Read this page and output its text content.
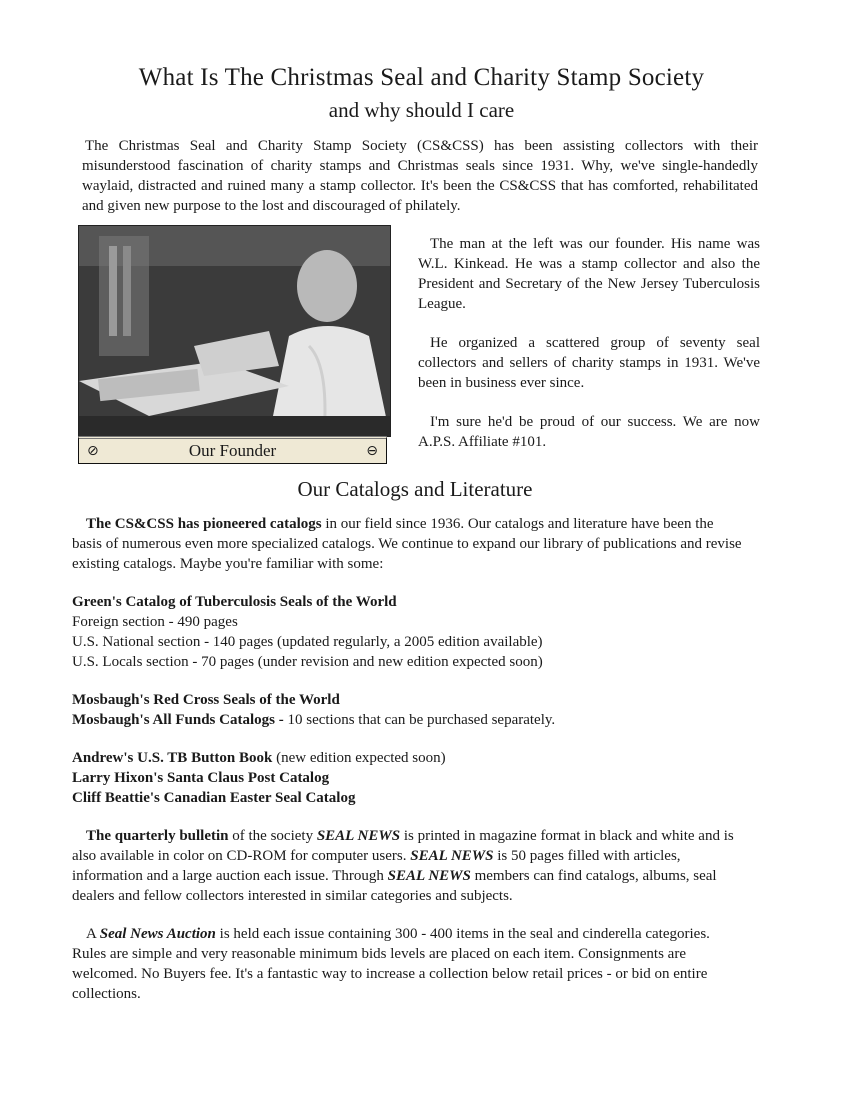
What Is The Christmas Seal and Charity Stamp Society
and why should I care

The Christmas Seal and Charity Stamp Society (CS&CSS) has been assisting collectors with their misunderstood fascination of charity stamps and Christmas seals since 1931. Why, we've single-handedly waylaid, distracted and ruined many a stamp collector. It's been the CS&CSS that has comforted, rehabilitated and given new purpose to the lost and discouraged of philately.

⊘	Our Founder	⊖

The man at the left was our founder. His name was W.L. Kinkead. He was a stamp collector and also the President and Secretary of the New Jersey Tuberculosis League.

He organized a scattered group of seventy seal collectors and sellers of charity stamps in 1931. We've been in business ever since.

I'm sure he'd be proud of our success. We are now A.P.S. Affiliate #101.

Our Catalogs and Literature

The CS&CSS has pioneered catalogs in our field since 1936. Our catalogs and literature have been the basis of numerous even more specialized catalogs. We continue to expand our library of publications and revise existing catalogs. Maybe you're familiar with some:

Green's Catalog of Tuberculosis Seals of the World
Foreign section - 490 pages
U.S. National section - 140 pages (updated regularly, a 2005 edition available)
U.S. Locals section - 70 pages (under revision and new edition expected soon)
Mosbaugh's Red Cross Seals of the World
Mosbaugh's All Funds Catalogs - 10 sections that can be purchased separately.
Andrew's U.S. TB Button Book (new edition expected soon)
Larry Hixon's Santa Claus Post Catalog
Cliff Beattie's Canadian Easter Seal Catalog

The quarterly bulletin of the society SEAL NEWS is printed in magazine format in black and white and is also available in color on CD-ROM for computer users. SEAL NEWS is 50 pages filled with articles, information and a large auction each issue. Through SEAL NEWS members can find catalogs, albums, seal dealers and fellow collectors interested in similar categories and subjects.

A Seal News Auction is held each issue containing 300 - 400 items in the seal and cinderella categories. Rules are simple and very reasonable minimum bids levels are placed on each item. Consignments are welcomed. No Buyers fee. It's a fantastic way to increase a collection below retail prices - or bid on entire collections.
